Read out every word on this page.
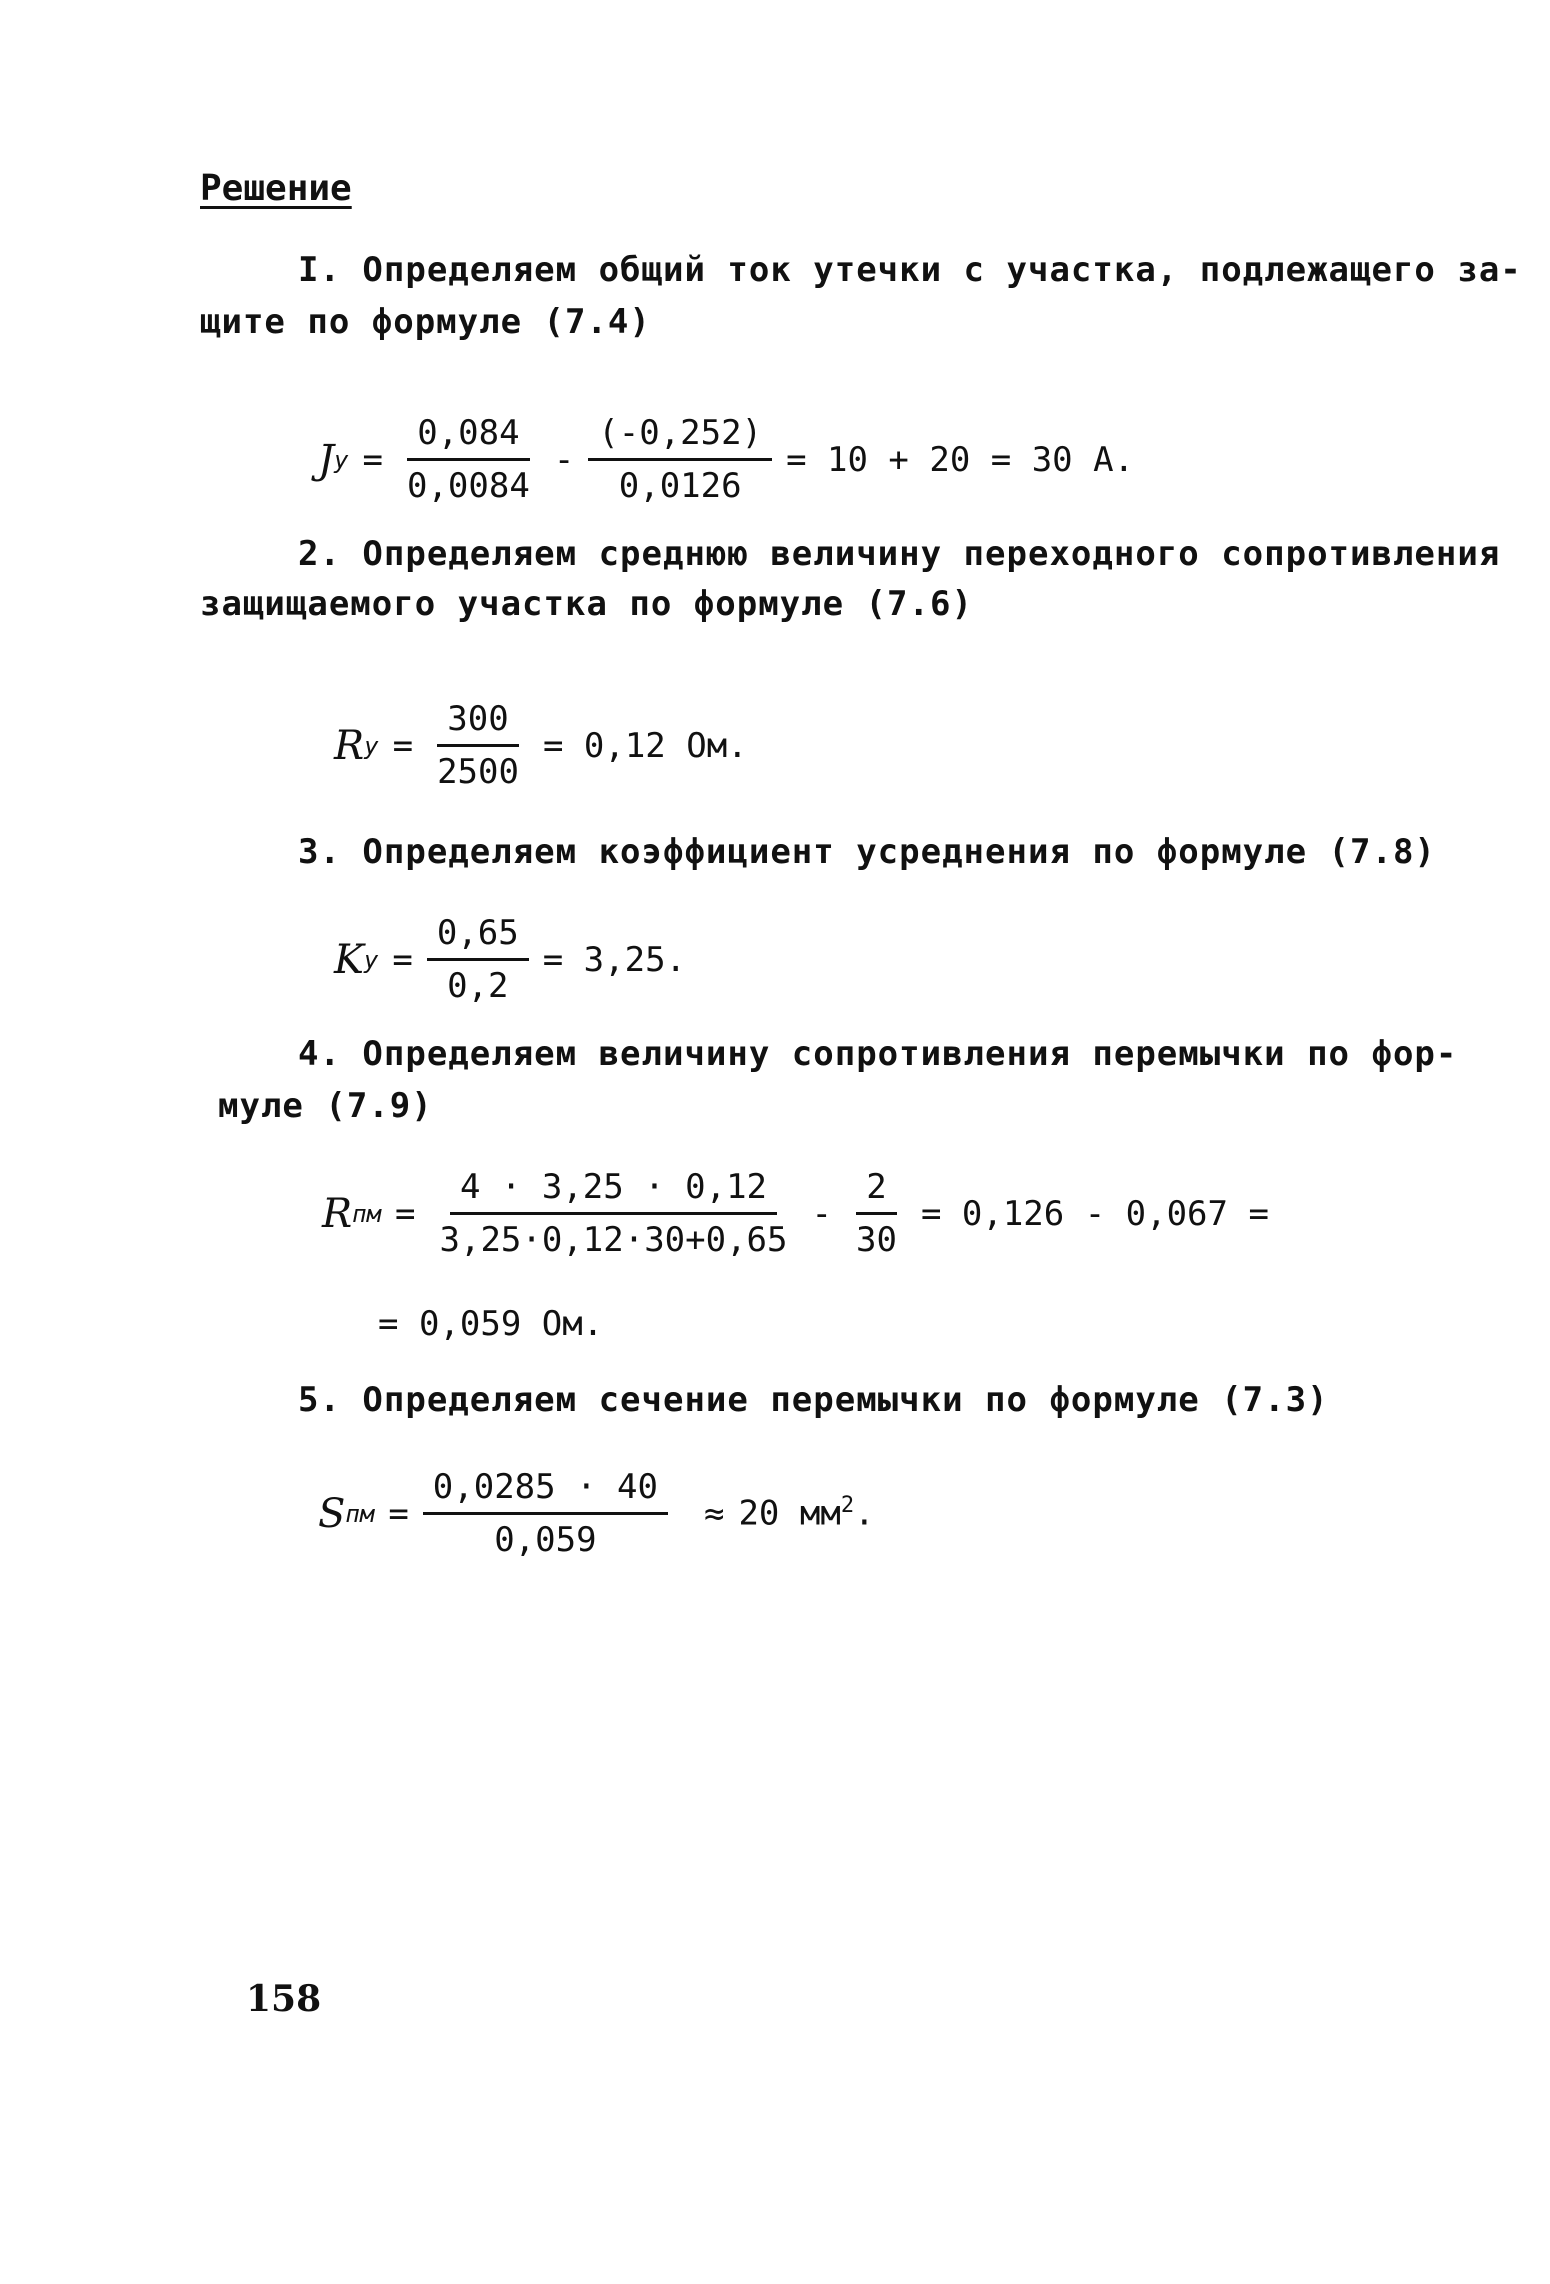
Решение
I. Определяем общий ток утечки с участка, подлежащего за-
щите по формуле (7.4)
J $у = \frac{0,084}{0,0084} - \frac{(-0,252)}{0,0126} = 10 + 20 = 30$ А.
2. Определяем среднюю величину переходного сопротивления
защищаемого участка по формуле (7.6)
R $у = \frac{300}{2500} = 0,12$ Ом.
3. Определяем коэффициент усреднения по формуле (7.8)
K $у = \frac{0,65}{0,2} = 3,25$.
4. Определяем величину сопротивления перемычки по фор-
муле (7.9)
R пм = $\frac{4 \cdot 3,25 \cdot 0,12}{3,25\cdot 0,12\cdot 30+0,65} - \frac{2}{30} = 0,126 - 0,067$ =
= 0,059 Ом.
5. Определяем сечение перемычки по формуле (7.3)
S пм = $\frac{0,0285 \cdot 40}{0,059} \approx 20$ $мм^2$.
158
